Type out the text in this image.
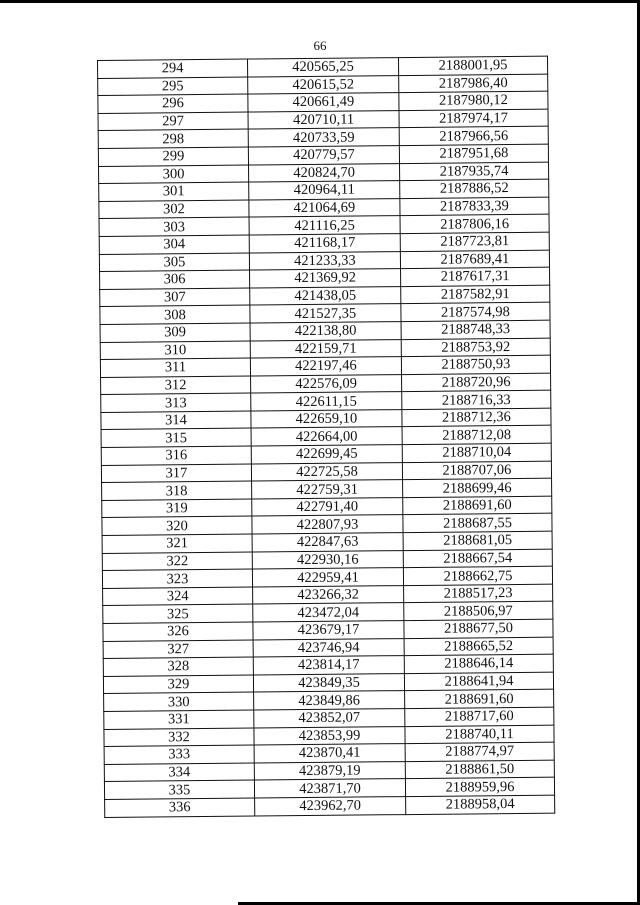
66
294	420565,25	2188001,95
295	420615,52	2187986,40
296	420661,49	2187980,12
297	420710,11	2187974,17
298	420733,59	2187966,56
299	420779,57	2187951,68
300	420824,70	2187935,74
301	420964,11	2187886,52
302	421064,69	2187833,39
303	421116,25	2187806,16
304	421168,17	2187723,81
305	421233,33	2187689,41
306	421369,92	2187617,31
307	421438,05	2187582,91
308	421527,35	2187574,98
309	422138,80	2188748,33
310	422159,71	2188753,92
311	422197,46	2188750,93
312	422576,09	2188720,96
313	422611,15	2188716,33
314	422659,10	2188712,36
315	422664,00	2188712,08
316	422699,45	2188710,04
317	422725,58	2188707,06
318	422759,31	2188699,46
319	422791,40	2188691,60
320	422807,93	2188687,55
321	422847,63	2188681,05
322	422930,16	2188667,54
323	422959,41	2188662,75
324	423266,32	2188517,23
325	423472,04	2188506,97
326	423679,17	2188677,50
327	423746,94	2188665,52
328	423814,17	2188646,14
329	423849,35	2188641,94
330	423849,86	2188691,60
331	423852,07	2188717,60
332	423853,99	2188740,11
333	423870,41	2188774,97
334	423879,19	2188861,50
335	423871,70	2188959,96
336	423962,70	2188958,04
